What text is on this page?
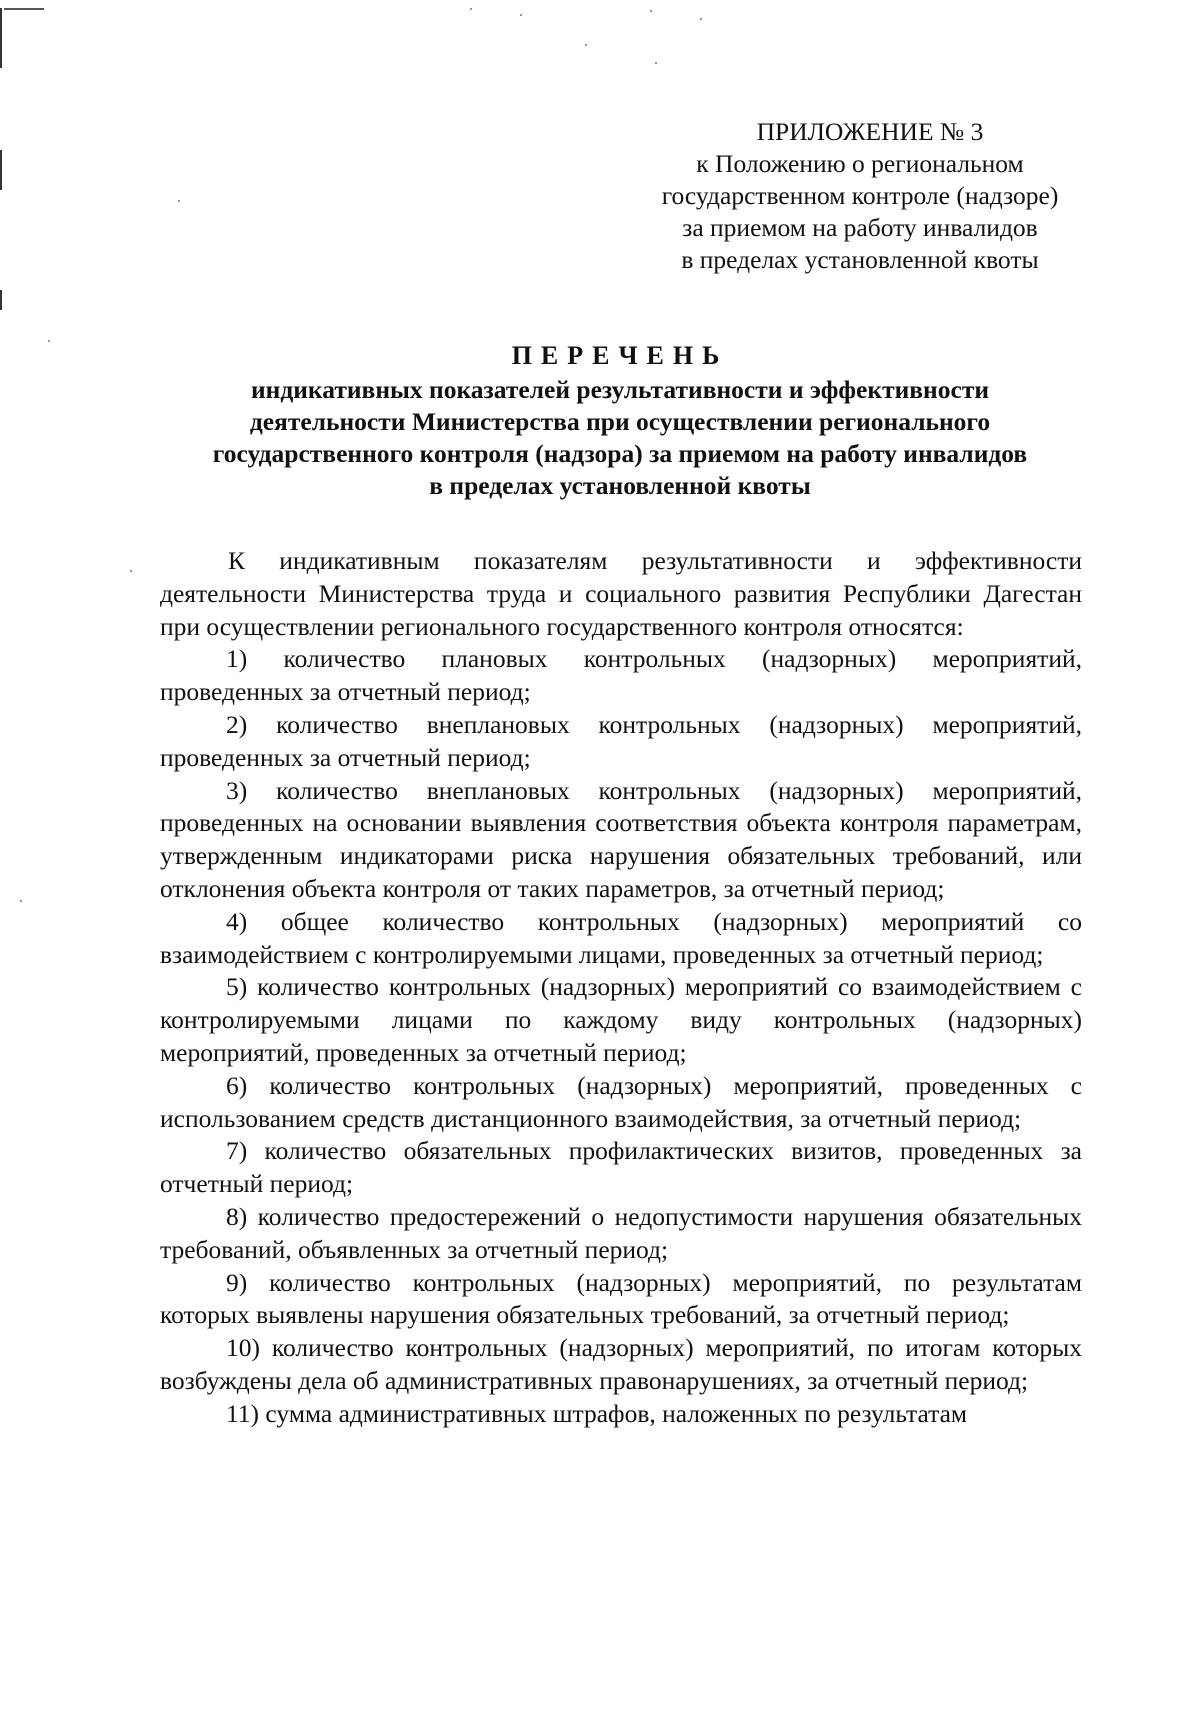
ПРИЛОЖЕНИЕ № 3
к Положению о региональном
государственном контроле (надзоре)
за приемом на работу инвалидов
в пределах установленной квоты
ПЕРЕЧЕНЬ
индикативных показателей результативности и эффективности
деятельности Министерства при осуществлении регионального
государственного контроля (надзора) за приемом на работу инвалидов
в пределах установленной квоты

К индикативным показателям результативности и эффективности деятельности Министерства труда и социального развития Республики Дагестан при осуществлении регионального государственного контроля относятся:

1) количество плановых контрольных (надзорных) мероприятий, проведенных за отчетный период;

2) количество внеплановых контрольных (надзорных) мероприятий, проведенных за отчетный период;

3) количество внеплановых контрольных (надзорных) мероприятий, проведенных на основании выявления соответствия объекта контроля параметрам, утвержденным индикаторами риска нарушения обязательных требований, или отклонения объекта контроля от таких параметров, за отчетный период;

4) общее количество контрольных (надзорных) мероприятий со взаимодействием с контролируемыми лицами, проведенных за отчетный период;

5) количество контрольных (надзорных) мероприятий со взаимодействием с контролируемыми лицами по каждому виду контрольных (надзорных) мероприятий, проведенных за отчетный период;

6) количество контрольных (надзорных) мероприятий, проведенных с использованием средств дистанционного взаимодействия, за отчетный период;

7) количество обязательных профилактических визитов, проведенных за отчетный период;

8) количество предостережений о недопустимости нарушения обязательных требований, объявленных за отчетный период;

9) количество контрольных (надзорных) мероприятий, по результатам которых выявлены нарушения обязательных требований, за отчетный период;

10) количество контрольных (надзорных) мероприятий, по итогам которых возбуждены дела об административных правонарушениях, за отчетный период;

11) сумма административных штрафов, наложенных по результатам
